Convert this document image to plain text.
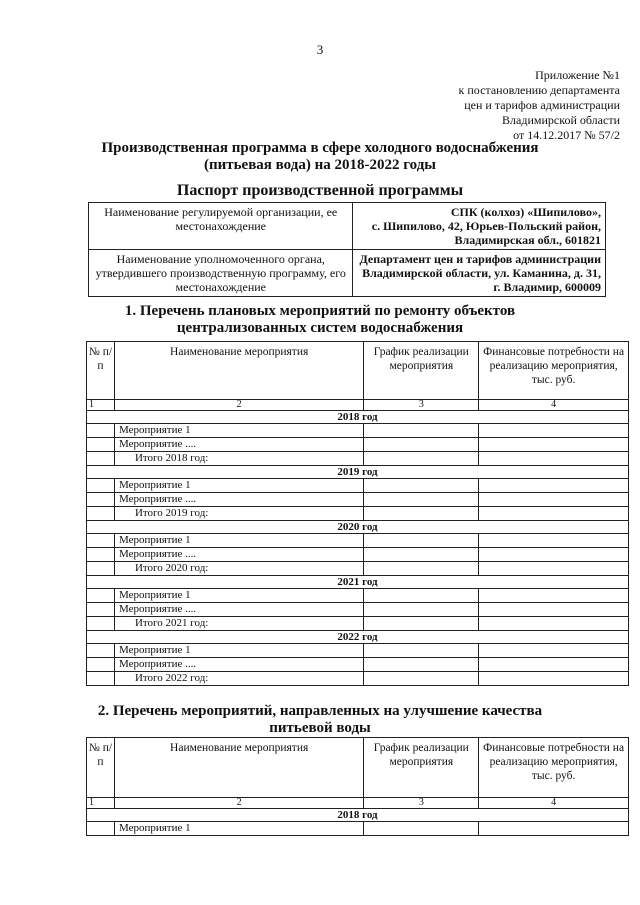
3
Приложение №1
к постановлению департамента
цен и тарифов администрации
Владимирской области
от 14.12.2017 № 57/2
Производственная программа в сфере холодного водоснабжения
(питьевая вода) на 2018-2022 годы
Паспорт производственной программы
Наименование регулируемой организации, ее местонахождение	СПК (колхоз) «Шипилово»,
с. Шипилово, 42, Юрьев-Польский район,
Владимирская обл., 601821

Наименование уполномоченного органа, утвердившего производственную программу, его местонахождение	Департамент цен и тарифов администрации
Владимирской области, ул. Каманина, д. 31,
г. Владимир, 600009
1. Перечень плановых мероприятий по ремонту объектов
централизованных систем водоснабжения
№ п/п	Наименование мероприятия	График реализации мероприятия	Финансовые потребности на реализацию мероприятия, тыс. руб.
1	2	3	4
2018 год			
	Мероприятие 1		
	Мероприятие ....		
	Итого 2018 год:		
2019 год			
	Мероприятие 1		
	Мероприятие ....		
	Итого 2019 год:		
2020 год			
	Мероприятие 1		
	Мероприятие ....		
	Итого 2020 год:		
2021 год			
	Мероприятие 1		
	Мероприятие ....		
	Итого 2021 год:		
2022 год			
	Мероприятие 1		
	Мероприятие ....		
	Итого 2022 год:		
2. Перечень мероприятий, направленных на улучшение качества
питьевой воды
№ п/п	Наименование мероприятия	График реализации мероприятия	Финансовые потребности на реализацию мероприятия, тыс. руб.
1	2	3	4
2018 год			
	Мероприятие 1		
